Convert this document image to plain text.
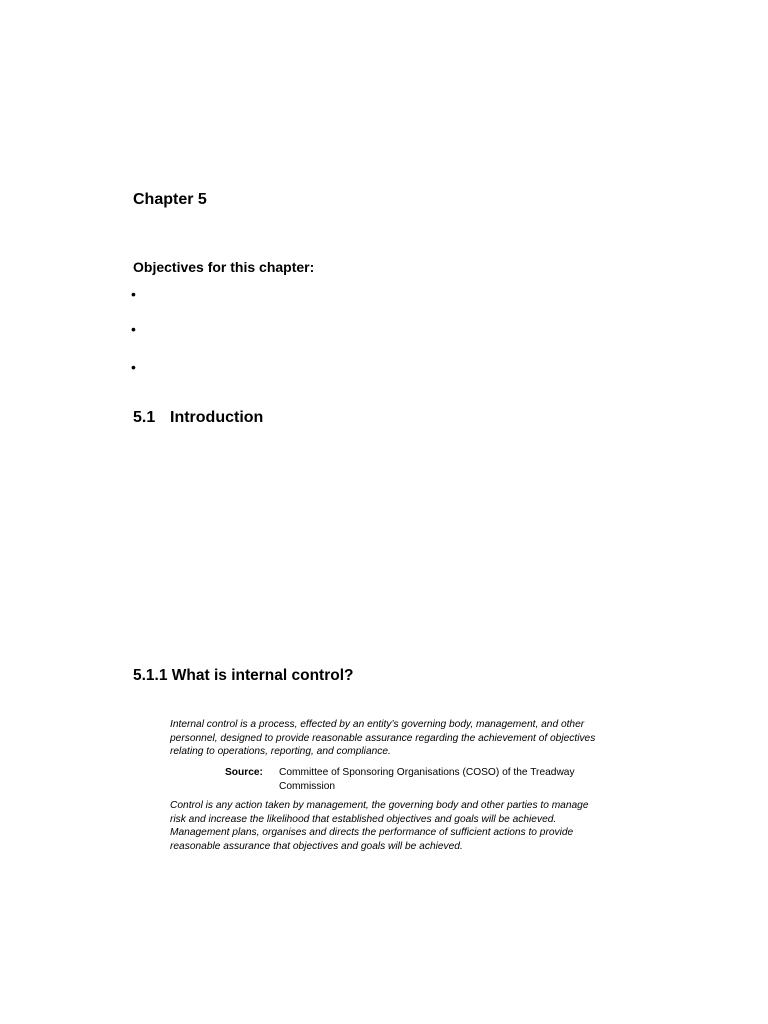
Chapter 5
Objectives for this chapter:
•
•
•
5.1 Introduction
5.1.1 What is internal control?
Internal control is a process, effected by an entity’s governing body, management, and other personnel, designed to provide reasonable assurance regarding the achievement of objectives relating to operations, reporting, and compliance.
Source: Committee of Sponsoring Organisations (COSO) of the Treadway Commission
Control is any action taken by management, the governing body and other parties to manage risk and increase the likelihood that established objectives and goals will be achieved. Management plans, organises and directs the performance of sufficient actions to provide reasonable assurance that objectives and goals will be achieved.
